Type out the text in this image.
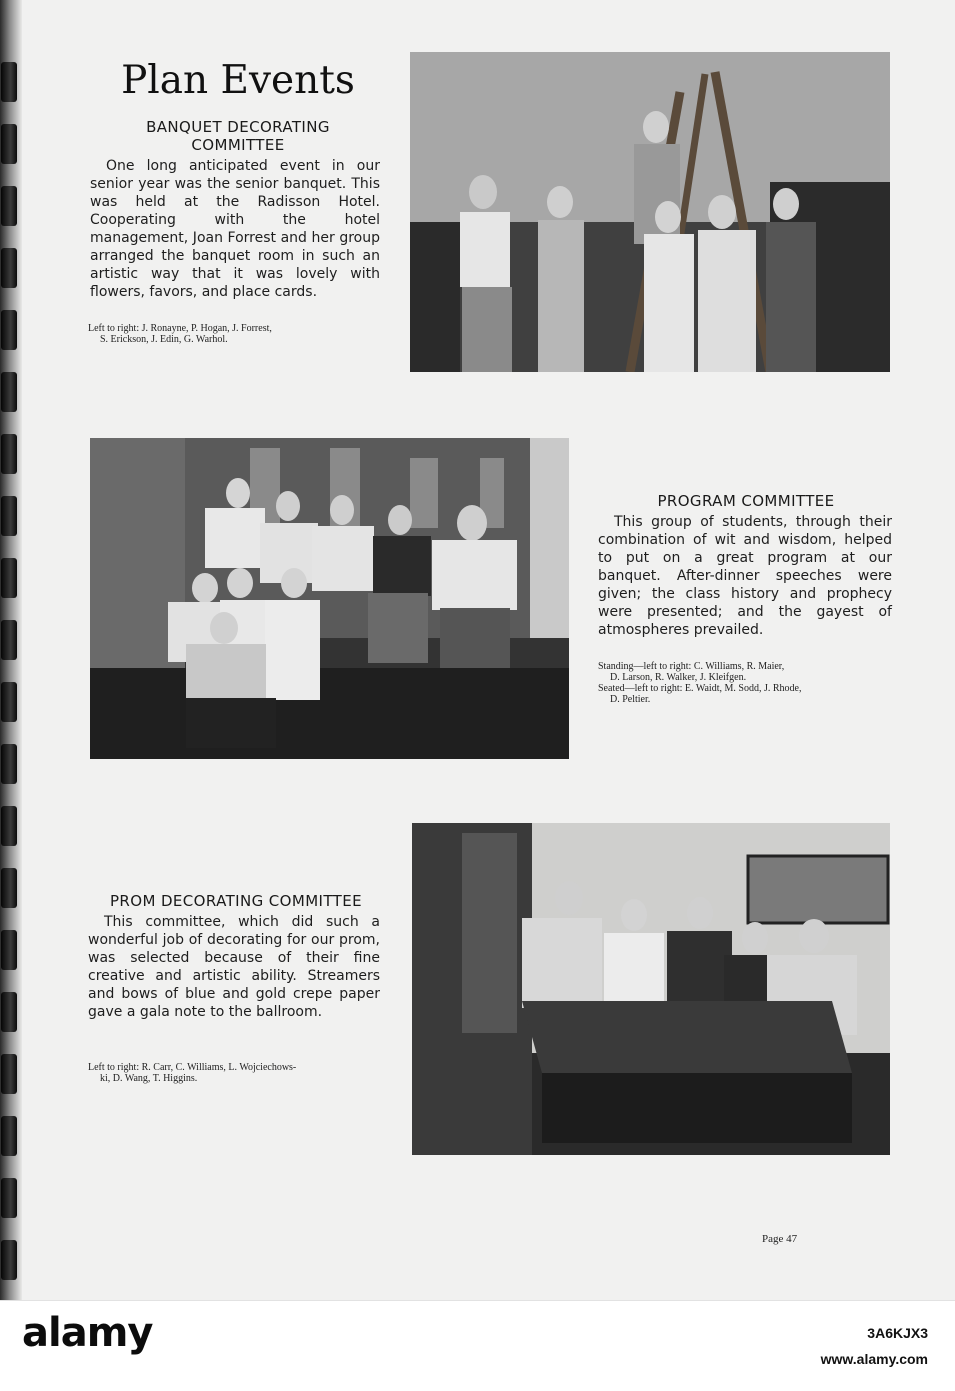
Plan Events
BANQUET DECORATING
COMMITTEE

One long anticipated event in our senior year was the senior banquet. This was held at the Radisson Hotel. Cooperating with the hotel management, Joan Forrest and her group arranged the banquet room in such an artistic way that it was lovely with flowers, favors, and place cards.

Left to right: J. Ronayne, P. Hogan, J. Forrest,
S. Erickson, J. Edin, G. Warhol.

PROGRAM COMMITTEE

This group of students, through their combination of wit and wisdom, helped to put on a great program at our banquet. After-dinner speeches were given; the class history and prophecy were presented; and the gayest of atmospheres prevailed.

Standing—left to right: C. Williams, R. Maier,
D. Larson, R. Walker, J. Kleifgen.
Seated—left to right: E. Waidt, M. Sodd, J. Rhode,
D. Peltier.

PROM DECORATING COMMITTEE

This committee, which did such a wonderful job of decorating for our prom, was selected because of their fine creative and artistic ability. Streamers and bows of blue and gold crepe paper gave a gala note to the ballroom.

Left to right: R. Carr, C. Williams, L. Wojciechows-
ki, D. Wang, T. Higgins.

Page 47

alamy	3A6KJX3

www.alamy.com
